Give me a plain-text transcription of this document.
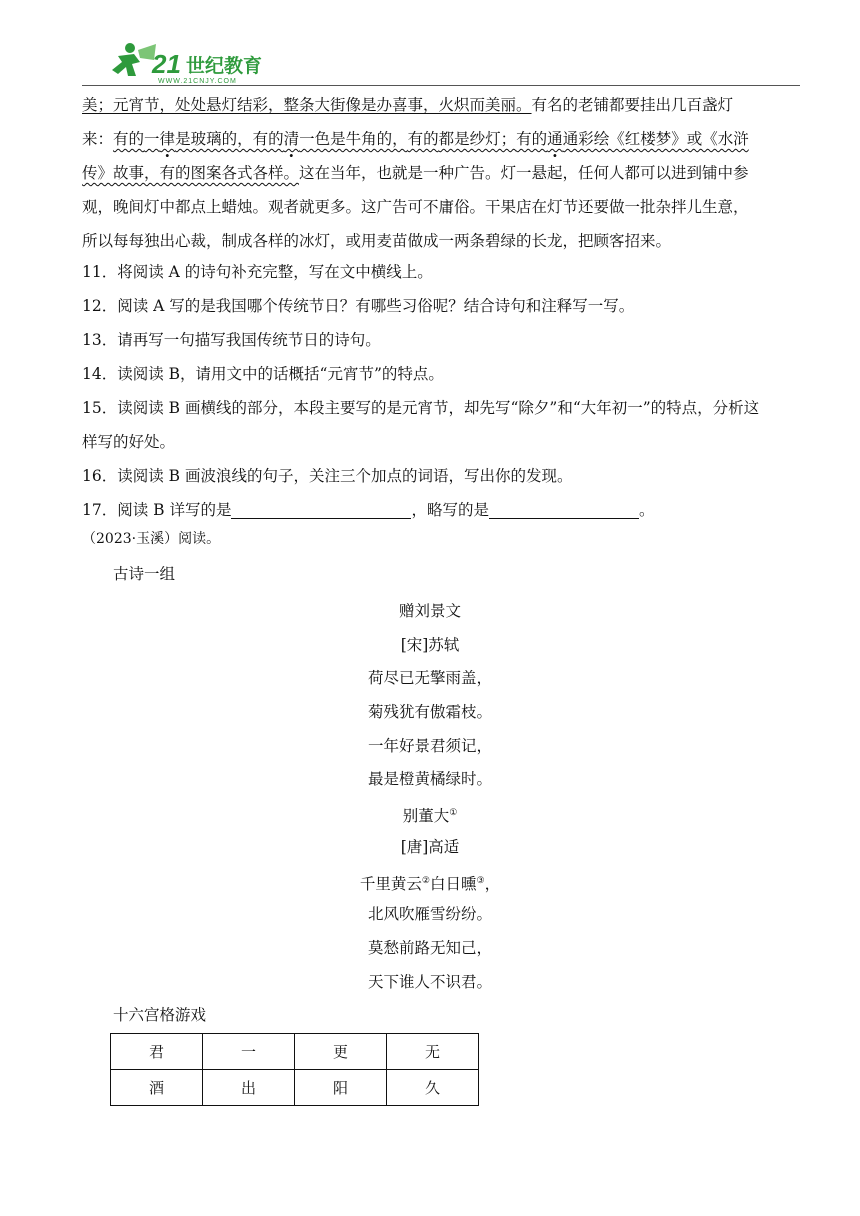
21 世纪教育
WWW.21CNJY.COM
美；元宵节，处处悬灯结彩，整条大街像是办喜事，火炽而美丽。有名的老铺都要挂出几百盏灯
来：有的一律是玻璃的，有的清一色是牛角的，有的都是纱灯；有的通通彩绘《红楼梦》或《水浒
传》故事，有的图案各式各样。这在当年，也就是一种广告。灯一悬起，任何人都可以进到铺中参
观，晚间灯中都点上蜡烛。观者就更多。这广告可不庸俗。干果店在灯节还要做一批杂拌儿生意，
所以每每独出心裁，制成各样的冰灯，或用麦苗做成一两条碧绿的长龙，把顾客招来。
11．将阅读 A 的诗句补充完整，写在文中横线上。
12．阅读 A 写的是我国哪个传统节日？有哪些习俗呢？结合诗句和注释写一写。
13．请再写一句描写我国传统节日的诗句。
14．读阅读 B，请用文中的话概括“元宵节”的特点。
15．读阅读 B 画横线的部分，本段主要写的是元宵节，却先写“除夕”和“大年初一”的特点，分析这
样写的好处。
16．读阅读 B 画波浪线的句子，关注三个加点的词语，写出你的发现。
17．阅读 B 详写的是	，略写的是	。
（2023·玉溪）阅读。
古诗一组
赠刘景文
[宋]苏轼
荷尽已无擎雨盖，
菊残犹有傲霜枝。
一年好景君须记，
最是橙黄橘绿时。
别董大①
[唐]高适
千里黄云②白日曛③，
北风吹雁雪纷纷。
莫愁前路无知己，
天下谁人不识君。
十六宫格游戏
君	一	更	无
酒	出	阳	久
